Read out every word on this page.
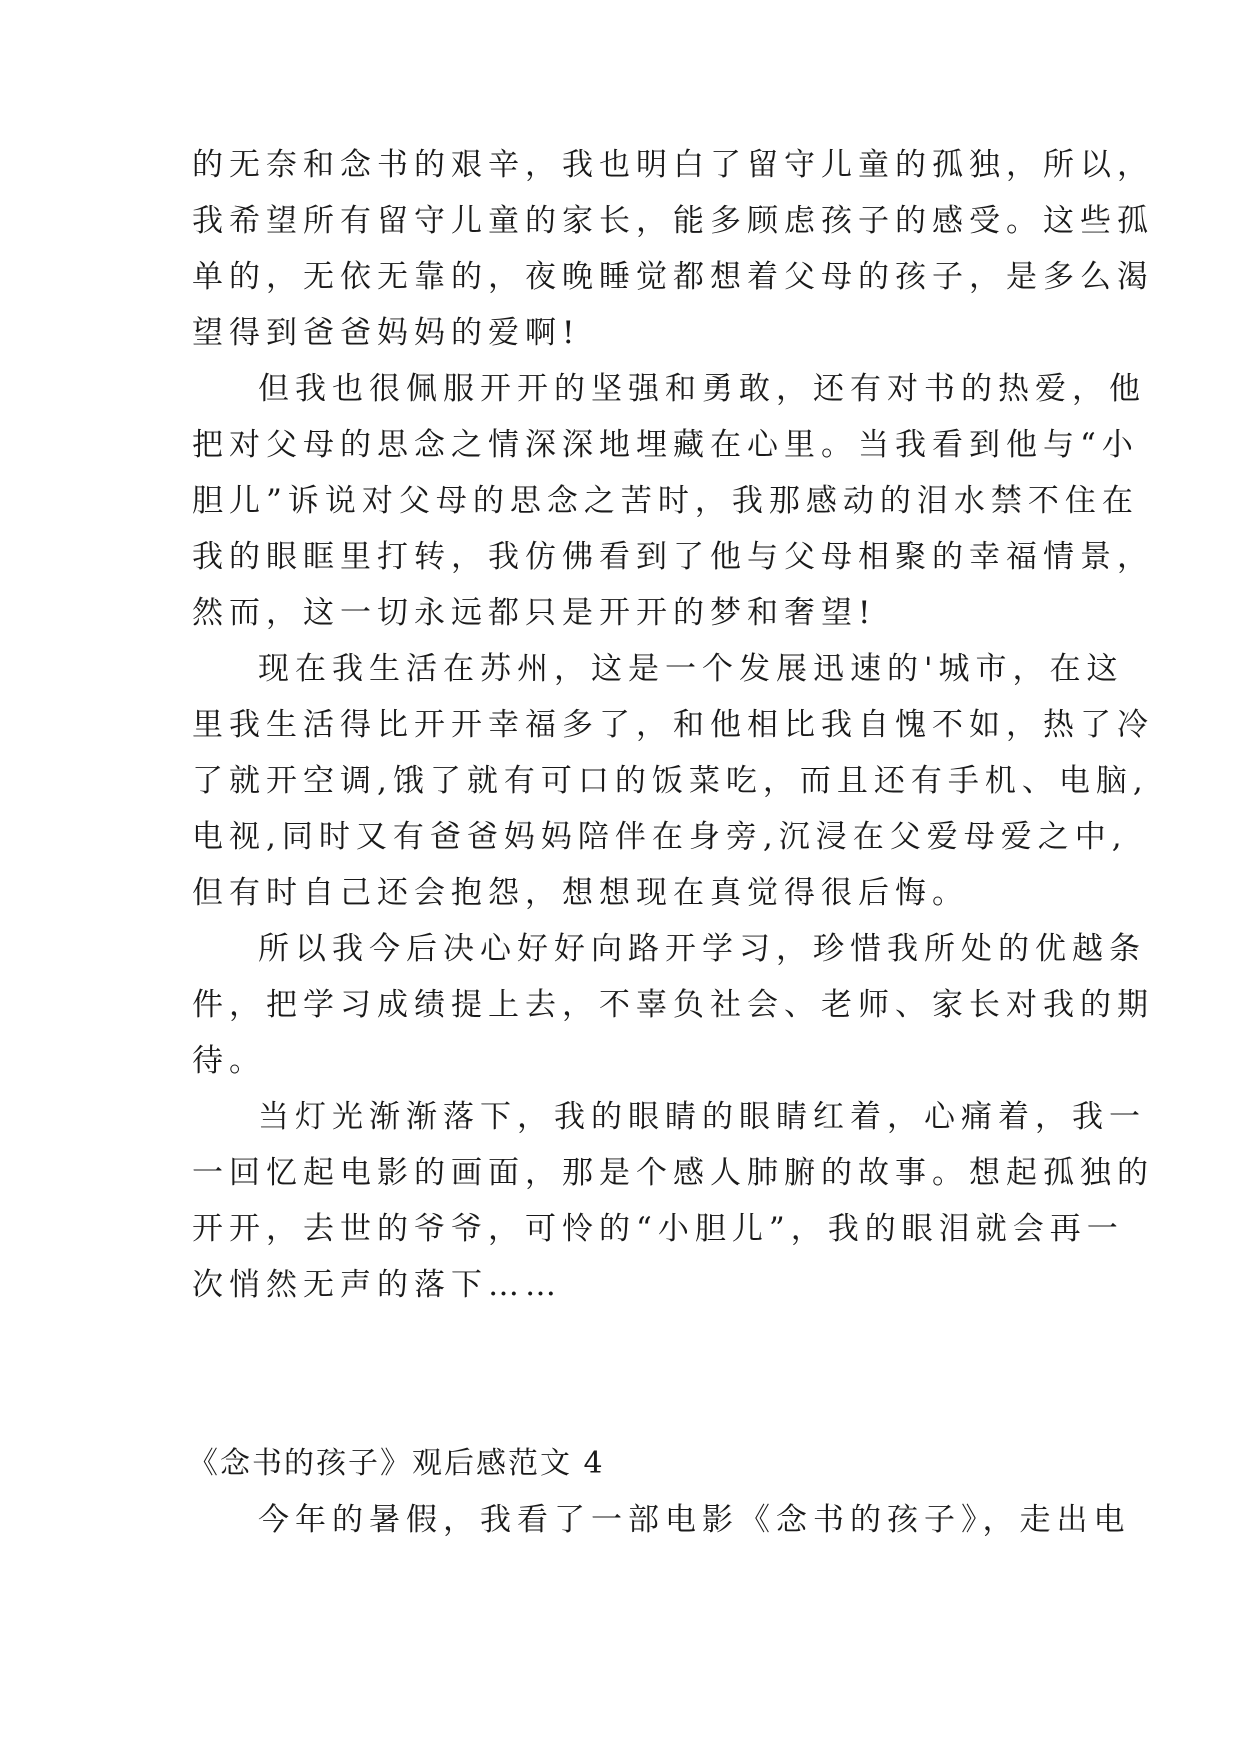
的无奈和念书的艰辛，我也明白了留守儿童的孤独，所以，
我希望所有留守儿童的家长，能多顾虑孩子的感受。这些孤
单的，无依无靠的，夜晚睡觉都想着父母的孩子，是多么渴
望得到爸爸妈妈的爱啊!
但我也很佩服开开的坚强和勇敢，还有对书的热爱，他
把对父母的思念之情深深地埋藏在心里。当我看到他与“小
胆儿”诉说对父母的思念之苦时，我那感动的泪水禁不住在
我的眼眶里打转，我仿佛看到了他与父母相聚的幸福情景，
然而，这一切永远都只是开开的梦和奢望!
现在我生活在苏州，这是一个发展迅速的'城市，在这
里我生活得比开开幸福多了，和他相比我自愧不如，热了冷
了就开空调,饿了就有可口的饭菜吃，而且还有手机、电脑,
电视,同时又有爸爸妈妈陪伴在身旁,沉浸在父爱母爱之中,
但有时自己还会抱怨，想想现在真觉得很后悔。
所以我今后决心好好向路开学习，珍惜我所处的优越条
件，把学习成绩提上去，不辜负社会、老师、家长对我的期
待。
当灯光渐渐落下，我的眼睛的眼睛红着，心痛着，我一
一回忆起电影的画面，那是个感人肺腑的故事。想起孤独的
开开，去世的爷爷，可怜的“小胆儿”，我的眼泪就会再一
次悄然无声的落下……
《念书的孩子》观后感范文 4
今年的暑假，我看了一部电影《念书的孩子》，走出电
